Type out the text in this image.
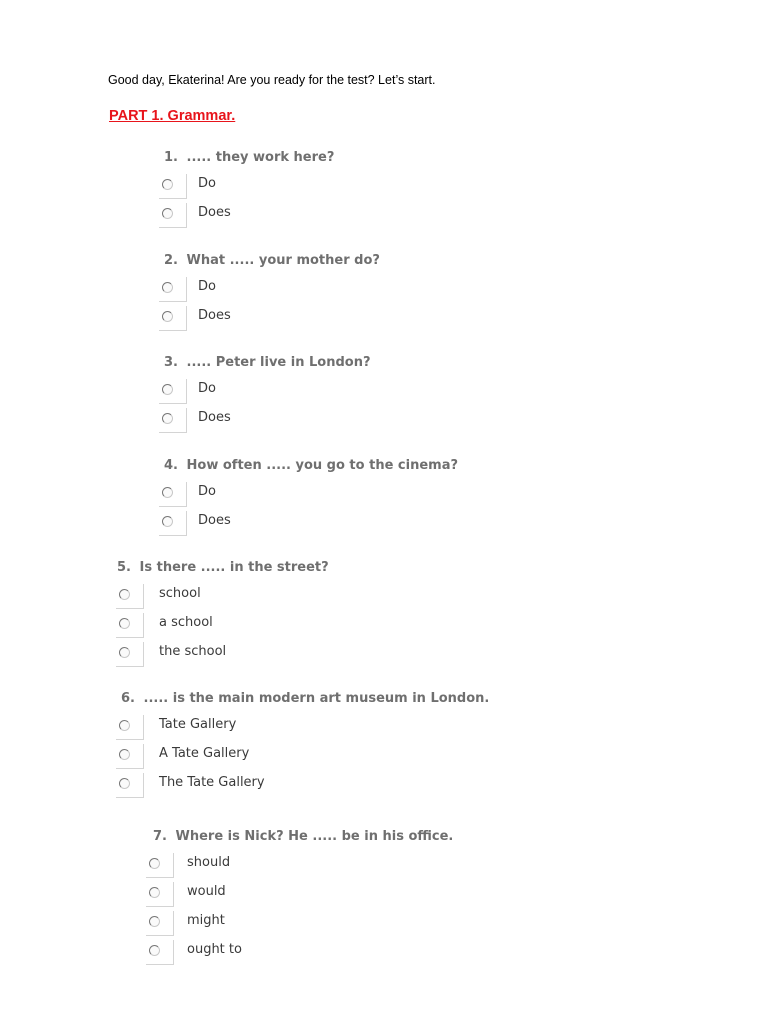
Good day, Ekaterina! Are you ready for the test? Let’s start.
PART 1. Grammar.
1. ..... they work here?
Do
Does
2. What ..... your mother do?
Do
Does
3. ..... Peter live in London?
Do
Does
4. How often ..... you go to the cinema?
Do
Does
5. Is there ..... in the street?
school
a school
the school
6. ..... is the main modern art museum in London.
Tate Gallery
A Tate Gallery
The Tate Gallery
7. Where is Nick? He ..... be in his office.
should
would
might
ought to
